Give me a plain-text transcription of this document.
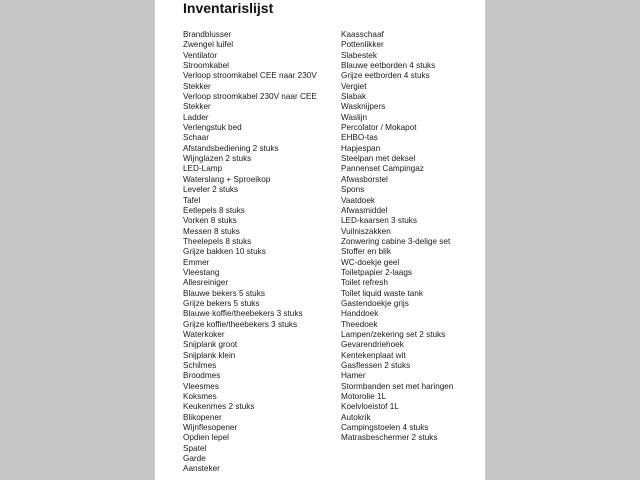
Inventarislijst
Brandblusser
Zwengel luifel
Ventilator
Stroomkabel
Verloop stroomkabel CEE naar 230V
Stekker
Verloop stroomkabel 230V naar CEE
Stekker
Ladder
Verlengstuk bed
Schaar
Afstandsbediening 2 stuks
Wijnglazen 2 stuks
LED-Lamp
Waterslang + Sproeikop
Leveler 2 stuks
Tafel
Eetlepels 8 stuks
Vorken 8 stuks
Messen 8 stuks
Theelepels 8 stuks
Grijze bakken 10 stuks
Emmer
Vleestang
Allesreiniger
Blauwe bekers 5 stuks
Grijze bekers 5 stuks
Blauwe koffie/theebekers 3 stuks
Grijze koffie/theebekers 3 stuks
Waterkoker
Snijplank groot
Snijplank klein
Schilmes
Broodmes
Vleesmes
Koksmes
Keukenmes 2 stuks
Blikopener
Wijnflesopener
Opdien lepel
Spatel
Garde
Aansteker
Kaasschaaf
Pottenlikker
Slabestek
Blauwe eetborden 4 stuks
Grijze eetborden 4 stuks
Vergiet
Slabak
Wasknijpers
Waslijn
Percolator / Mokapot
EHBO-tas
Hapjespan
Steelpan met deksel
Pannenset Campingaz
Afwasborstel
Spons
Vaatdoek
Afwasmiddel
LED-kaarsen 3 stuks
Vuilniszakken
Zonwering cabine 3-delige set
Stoffer en blik
WC-doekje geel
Toiletpapier 2-laags
Toilet refresh
Toilet liquid waste tank
Gastendoekje grijs
Handdoek
Theedoek
Lampen/zekering set 2 stuks
Gevarendriehoek
Kentekenplaat wit
Gasflessen 2 stuks
Hamer
Stormbanden set met haringen
Motorolie 1L
Koelvloeistof 1L
Autokrik
Campingstoelen 4 stuks
Matrasbeschermer 2 stuks
